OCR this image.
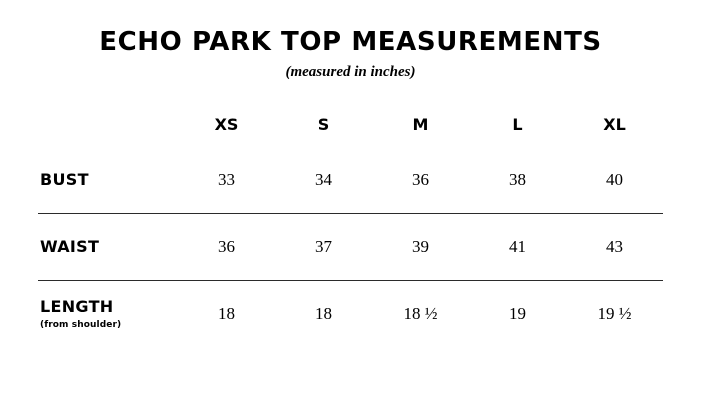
ECHO PARK TOP MEASUREMENTS

(measured in inches)

	XS	S	M	L	XL
BUST	33	34	36	38	40
WAIST	36	37	39	41	43
LENGTH
(from shoulder)	18	18	18 ½	19	19 ½
